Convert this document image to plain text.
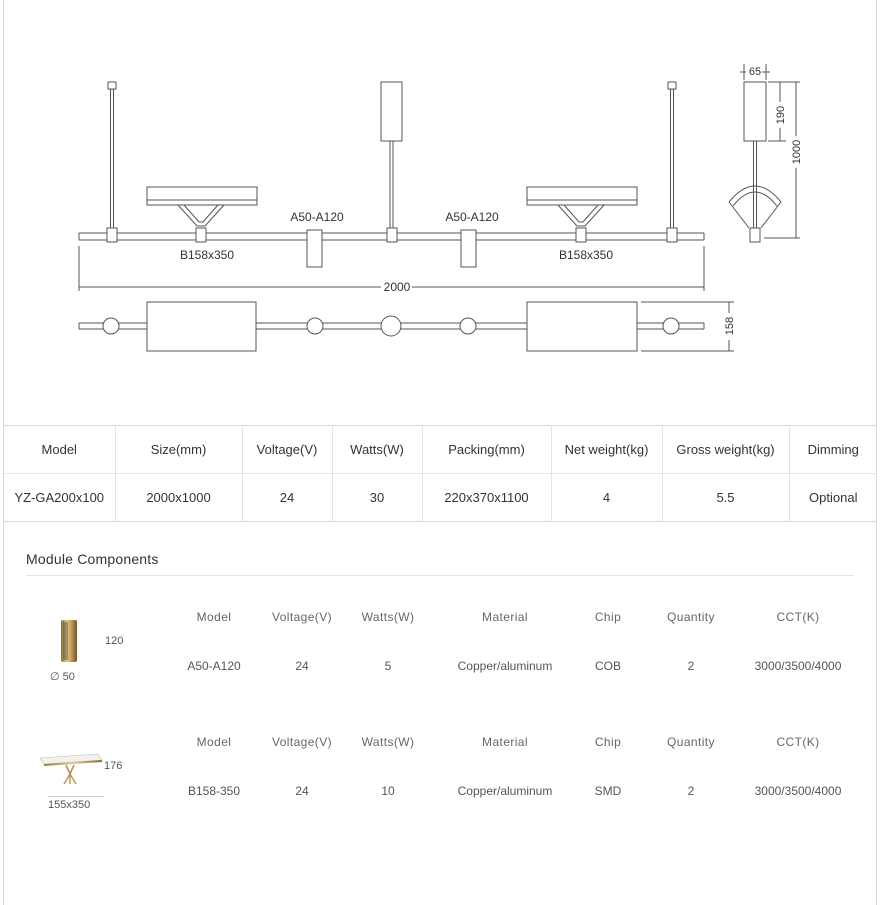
A50-A120	A50-A120
B158x350	B158x350
2000
65
190
1000
158
Model	Size(mm)	Voltage(V)	Watts(W)	Packing(mm)	Net weight(kg)	Gross weight(kg)	Dimming
YZ-GA200x100	2000x1000	24	30	220x370x1100	4	5.5	Optional
Module Components
120
∅ 50
Model	Voltage(V)	Watts(W)	Material	Chip	Quantity	CCT(K)
A50-A120	24	5	Copper/aluminum	COB	2	3000/3500/4000
176
155x350
Model	Voltage(V)	Watts(W)	Material	Chip	Quantity	CCT(K)
B158-350	24	10	Copper/aluminum	SMD	2	3000/3500/4000
